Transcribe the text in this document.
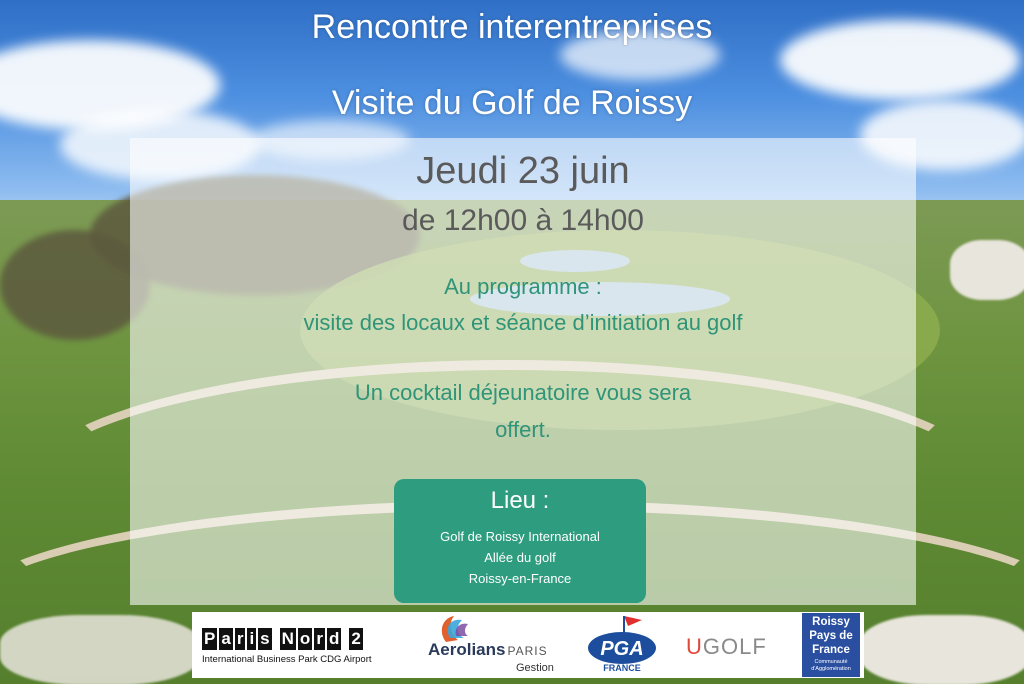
Rencontre interentreprises
Visite du Golf de Roissy
Jeudi 23 juin
de 12h00 à 14h00
Au programme :
visite des locaux et séance d’initiation au golf
Un cocktail déjeunatoire vous sera
offert.
Lieu :
Golf de Roissy International
Allée du golf
Roissy-en-France
P a r i s N o r d 2
International Business Park CDG Airport
Aerolians PARIS
Gestion
PGA
FRANCE
UGOLF
Roissy
Pays de
France
Communauté
d'Agglomération
